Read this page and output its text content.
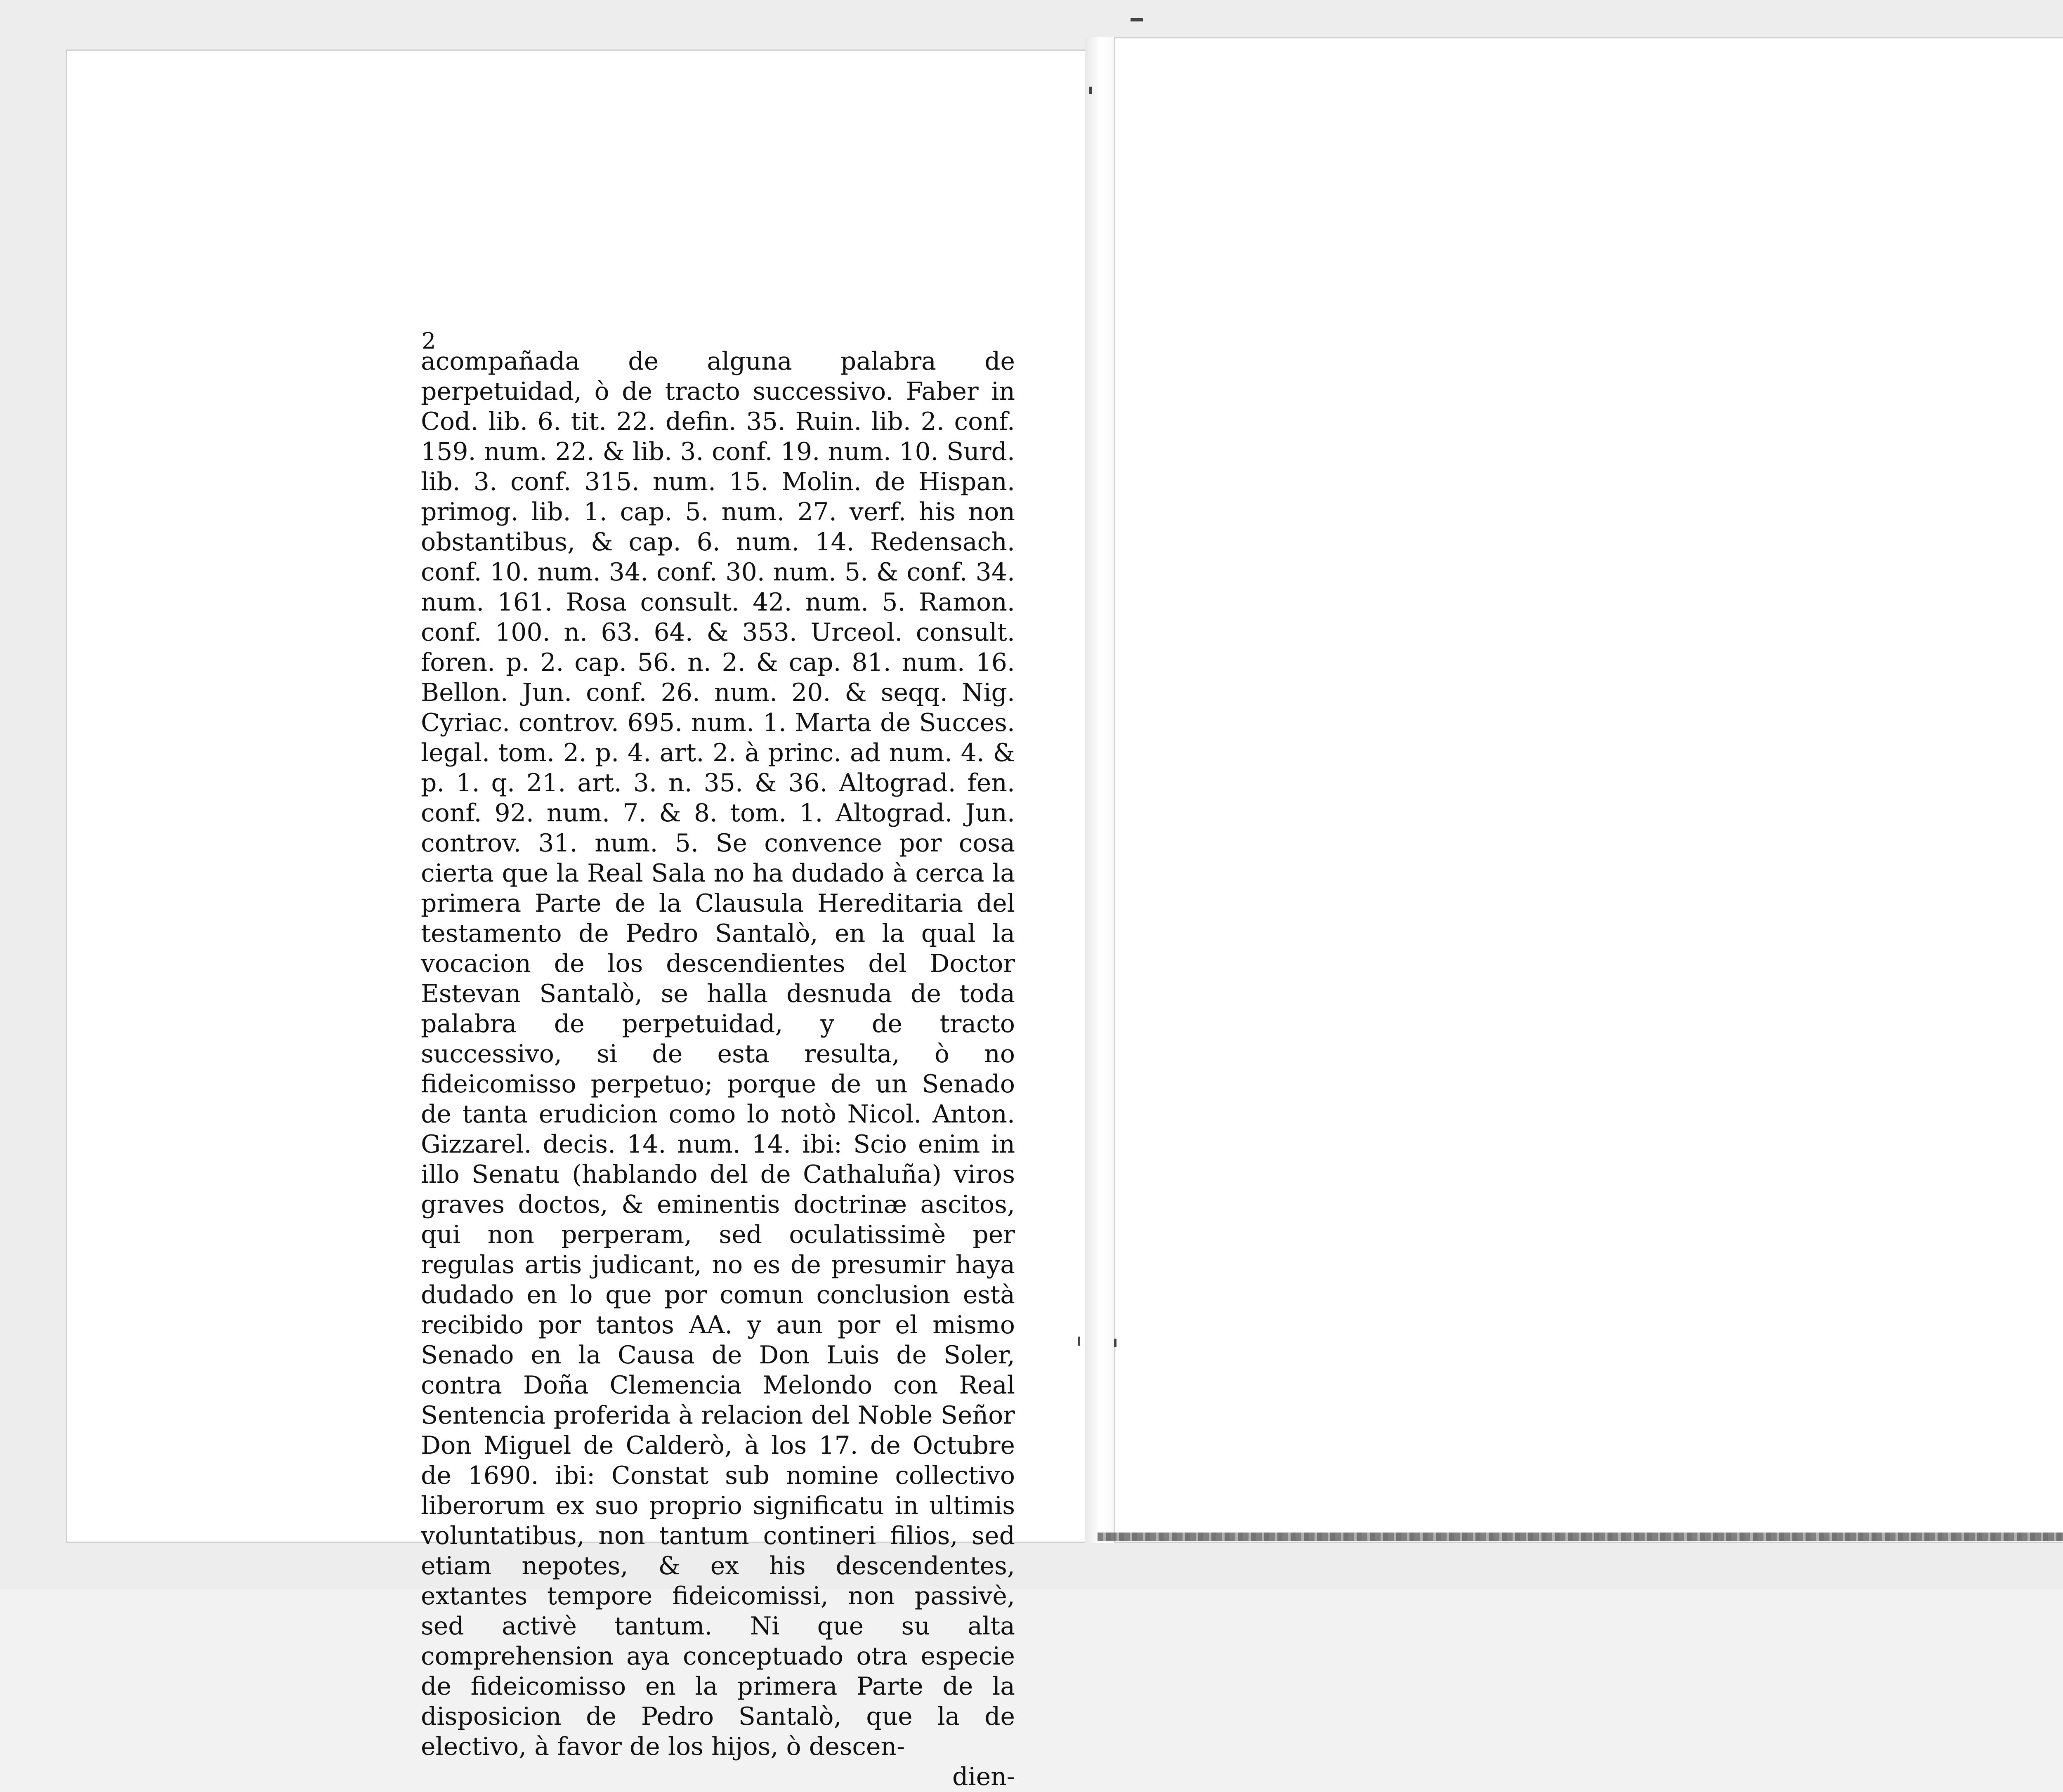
2

acompañada de alguna palabra de perpetuidad, ò de tracto successivo. Faber in Cod. lib. 6. tit. 22. defin. 35. Ruin. lib. 2. conf. 159. num. 22. & lib. 3. conf. 19. num. 10. Surd. lib. 3. conf. 315. num. 15. Molin. de Hispan. primog. lib. 1. cap. 5. num. 27. verf. his non obstantibus, & cap. 6. num. 14. Redensach. conf. 10. num. 34. conf. 30. num. 5. & conf. 34. num. 161. Rosa consult. 42. num. 5. Ramon. conf. 100. n. 63. 64. & 353. Urceol. consult. foren. p. 2. cap. 56. n. 2. & cap. 81. num. 16. Bellon. Jun. conf. 26. num. 20. & seqq. Nig. Cyriac. controv. 695. num. 1. Marta de Succes. legal. tom. 2. p. 4. art. 2. à princ. ad num. 4. & p. 1. q. 21. art. 3. n. 35. & 36. Altograd. fen. conf. 92. num. 7. & 8. tom. 1. Altograd. Jun. controv. 31. num. 5. Se convence por cosa cierta que la Real Sala no ha dudado à cerca la primera Parte de la Clausula Hereditaria del testamento de Pedro Santalò, en la qual la vocacion de los descendientes del Doctor Estevan Santalò, se halla desnuda de toda palabra de perpetuidad, y de tracto successivo, si de esta resulta, ò no fideicomisso perpetuo; porque de un Senado de tanta erudicion como lo notò Nicol. Anton. Gizzarel. decis. 14. num. 14. ibi: Scio enim in illo Senatu (hablando del de Cathaluña) viros graves doctos, & eminentis doctrinæ ascitos, qui non perperam, sed oculatissimè per regulas artis judicant, no es de presumir haya dudado en lo que por comun conclusion està recibido por tantos AA. y aun por el mismo Senado en la Causa de Don Luis de Soler, contra Doña Clemencia Melondo con Real Sentencia proferida à relacion del Noble Señor Don Miguel de Calderò, à los 17. de Octubre de 1690. ibi: Constat sub nomine collectivo liberorum ex suo proprio significatu in ultimis voluntatibus, non tantum contineri filios, sed etiam nepotes, & ex his descendentes, extantes tempore fideicomissi, non passivè, sed activè tantum. Ni que su alta comprehension aya conceptuado otra especie de fideicomisso en la primera Parte de la disposicion de Pedro Santalò, que la de electivo, à favor de los hijos, ò descen-

dien-
